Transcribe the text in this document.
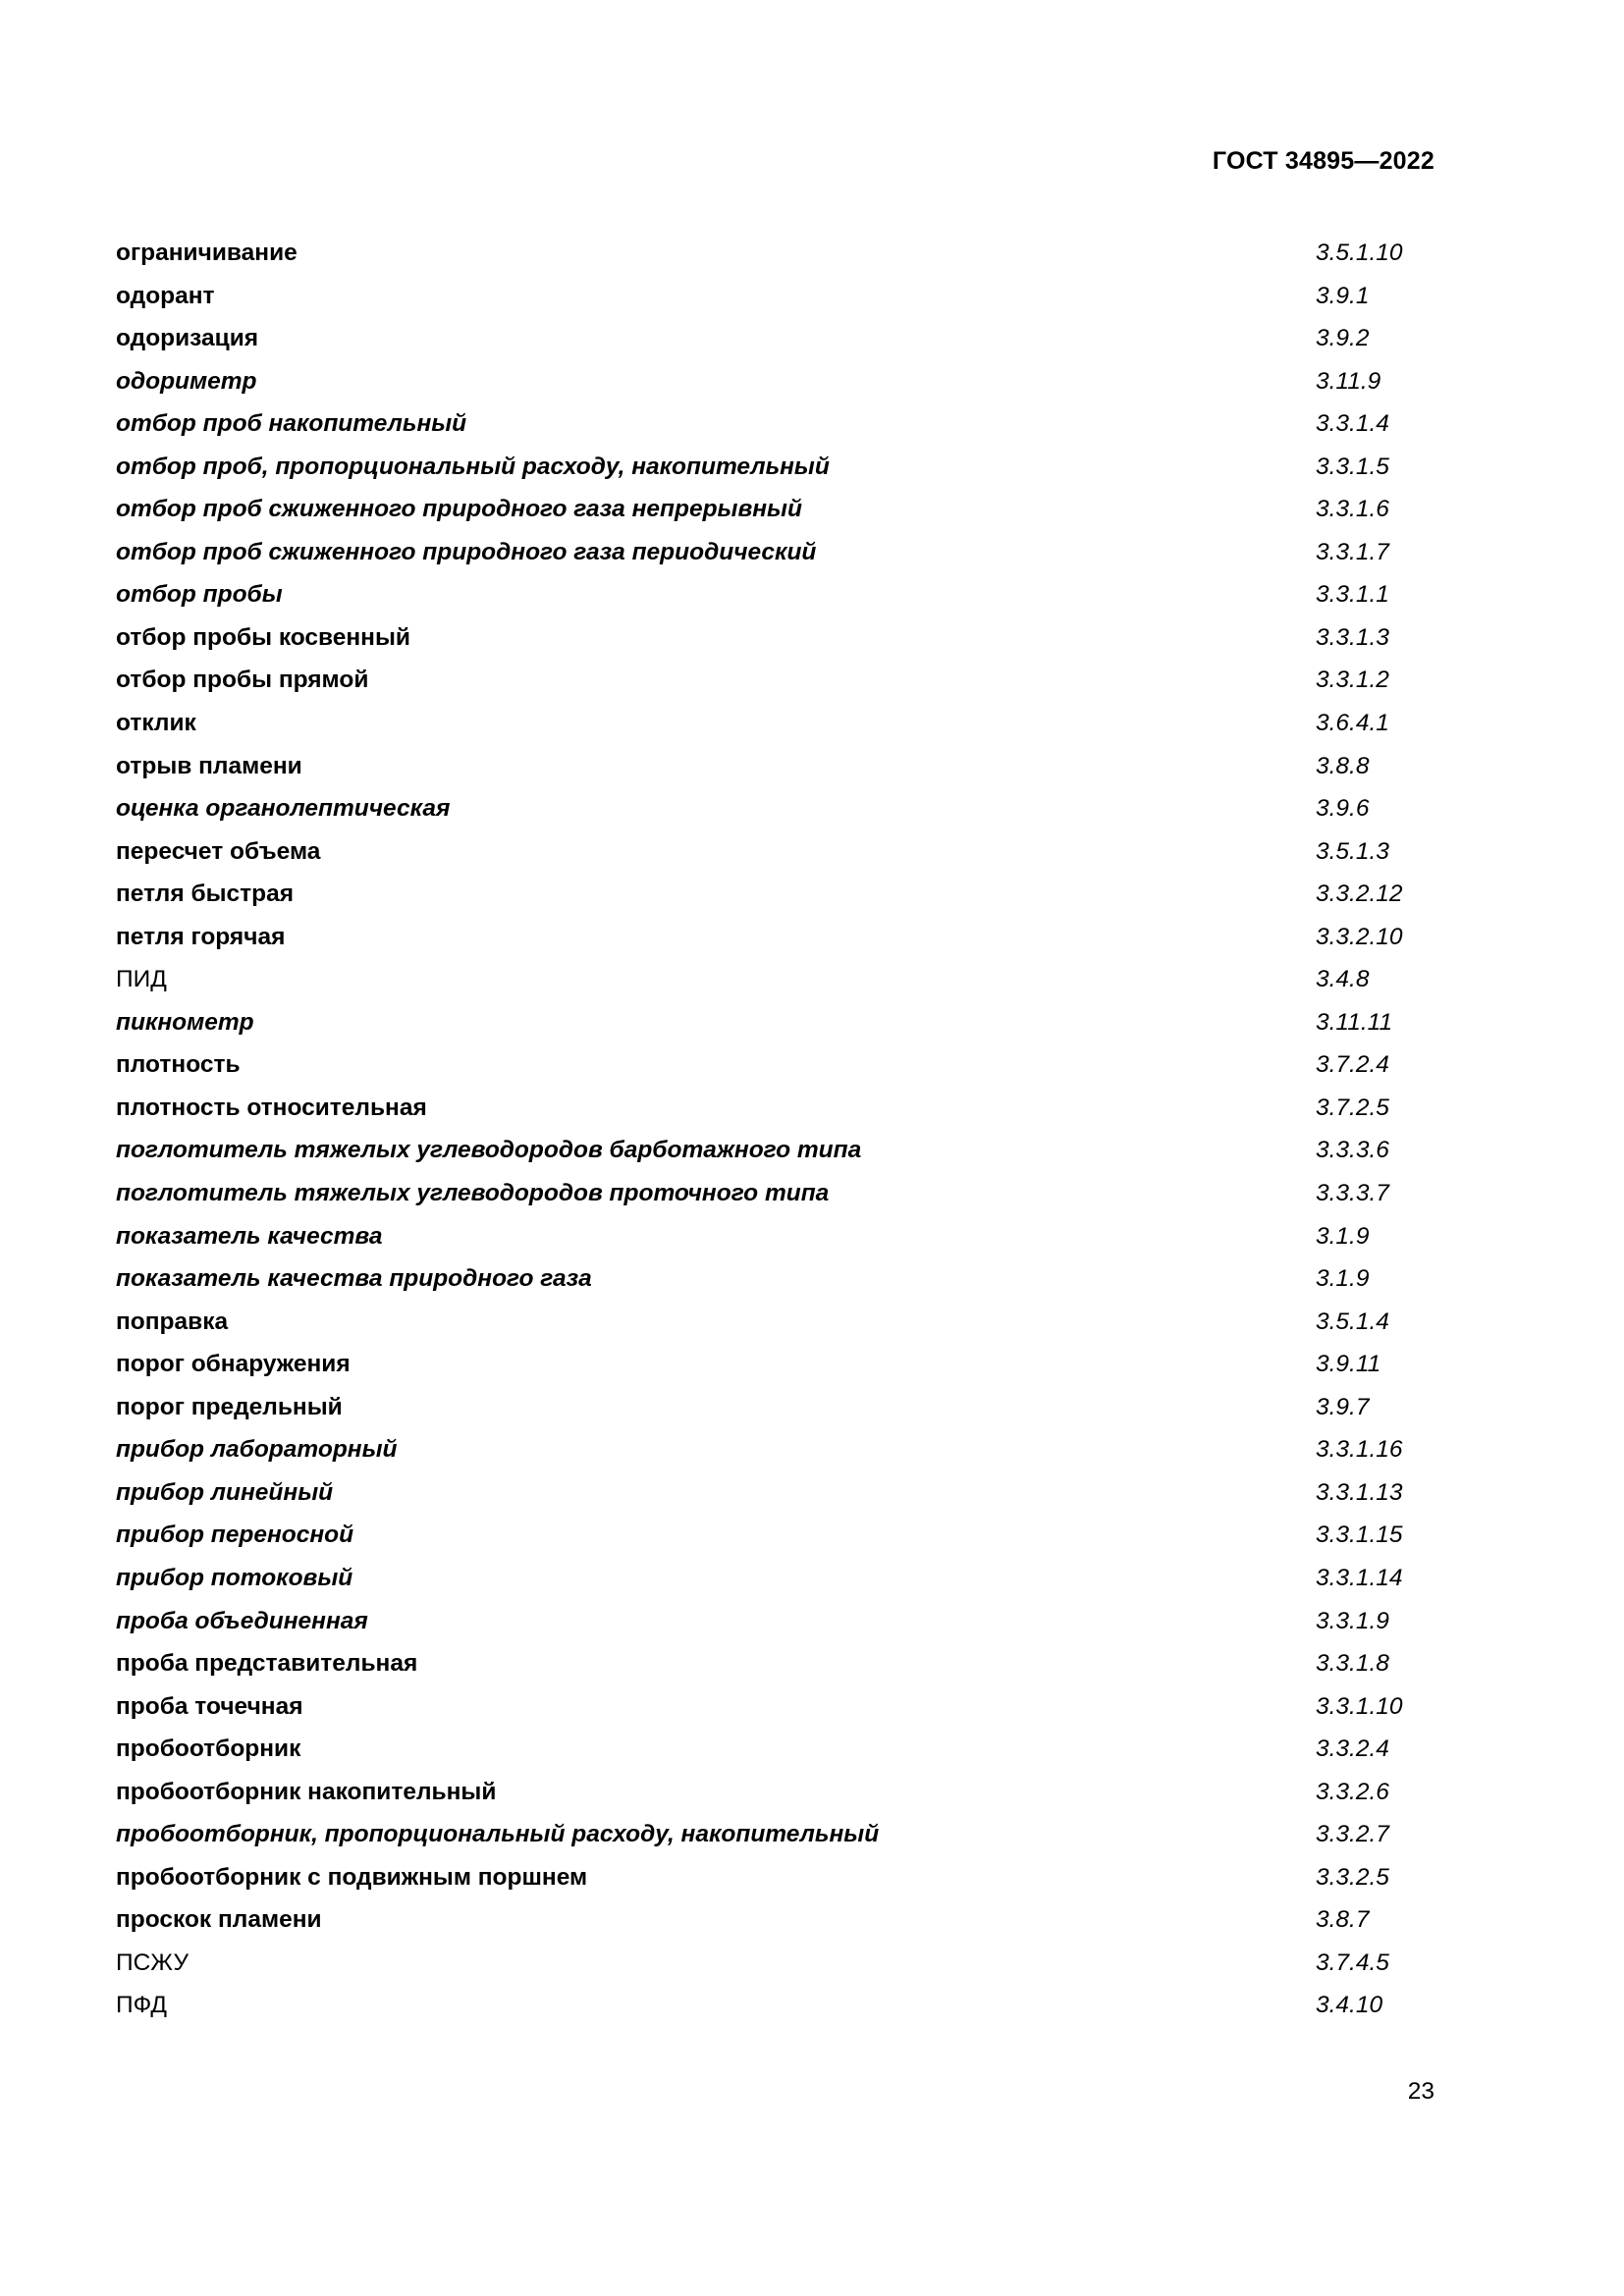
ГОСТ 34895—2022
ограничивание	3.5.1.10
одорант	3.9.1
одоризация	3.9.2
одориметр	3.11.9
отбор проб накопительный	3.3.1.4
отбор проб, пропорциональный расходу, накопительный	3.3.1.5
отбор проб сжиженного природного газа непрерывный	3.3.1.6
отбор проб сжиженного природного газа периодический	3.3.1.7
отбор пробы	3.3.1.1
отбор пробы косвенный	3.3.1.3
отбор пробы прямой	3.3.1.2
отклик	3.6.4.1
отрыв пламени	3.8.8
оценка органолептическая	3.9.6
пересчет объема	3.5.1.3
петля быстрая	3.3.2.12
петля горячая	3.3.2.10
ПИД	3.4.8
пикнометр	3.11.11
плотность	3.7.2.4
плотность относительная	3.7.2.5
поглотитель тяжелых углеводородов барботажного типа	3.3.3.6
поглотитель тяжелых углеводородов проточного типа	3.3.3.7
показатель качества	3.1.9
показатель качества природного газа	3.1.9
поправка	3.5.1.4
порог обнаружения	3.9.11
порог предельный	3.9.7
прибор лабораторный	3.3.1.16
прибор линейный	3.3.1.13
прибор переносной	3.3.1.15
прибор потоковый	3.3.1.14
проба объединенная	3.3.1.9
проба представительная	3.3.1.8
проба точечная	3.3.1.10
пробоотборник	3.3.2.4
пробоотборник накопительный	3.3.2.6
пробоотборник, пропорциональный расходу, накопительный	3.3.2.7
пробоотборник с подвижным поршнем	3.3.2.5
проскок пламени	3.8.7
ПСЖУ	3.7.4.5
ПФД	3.4.10
23
